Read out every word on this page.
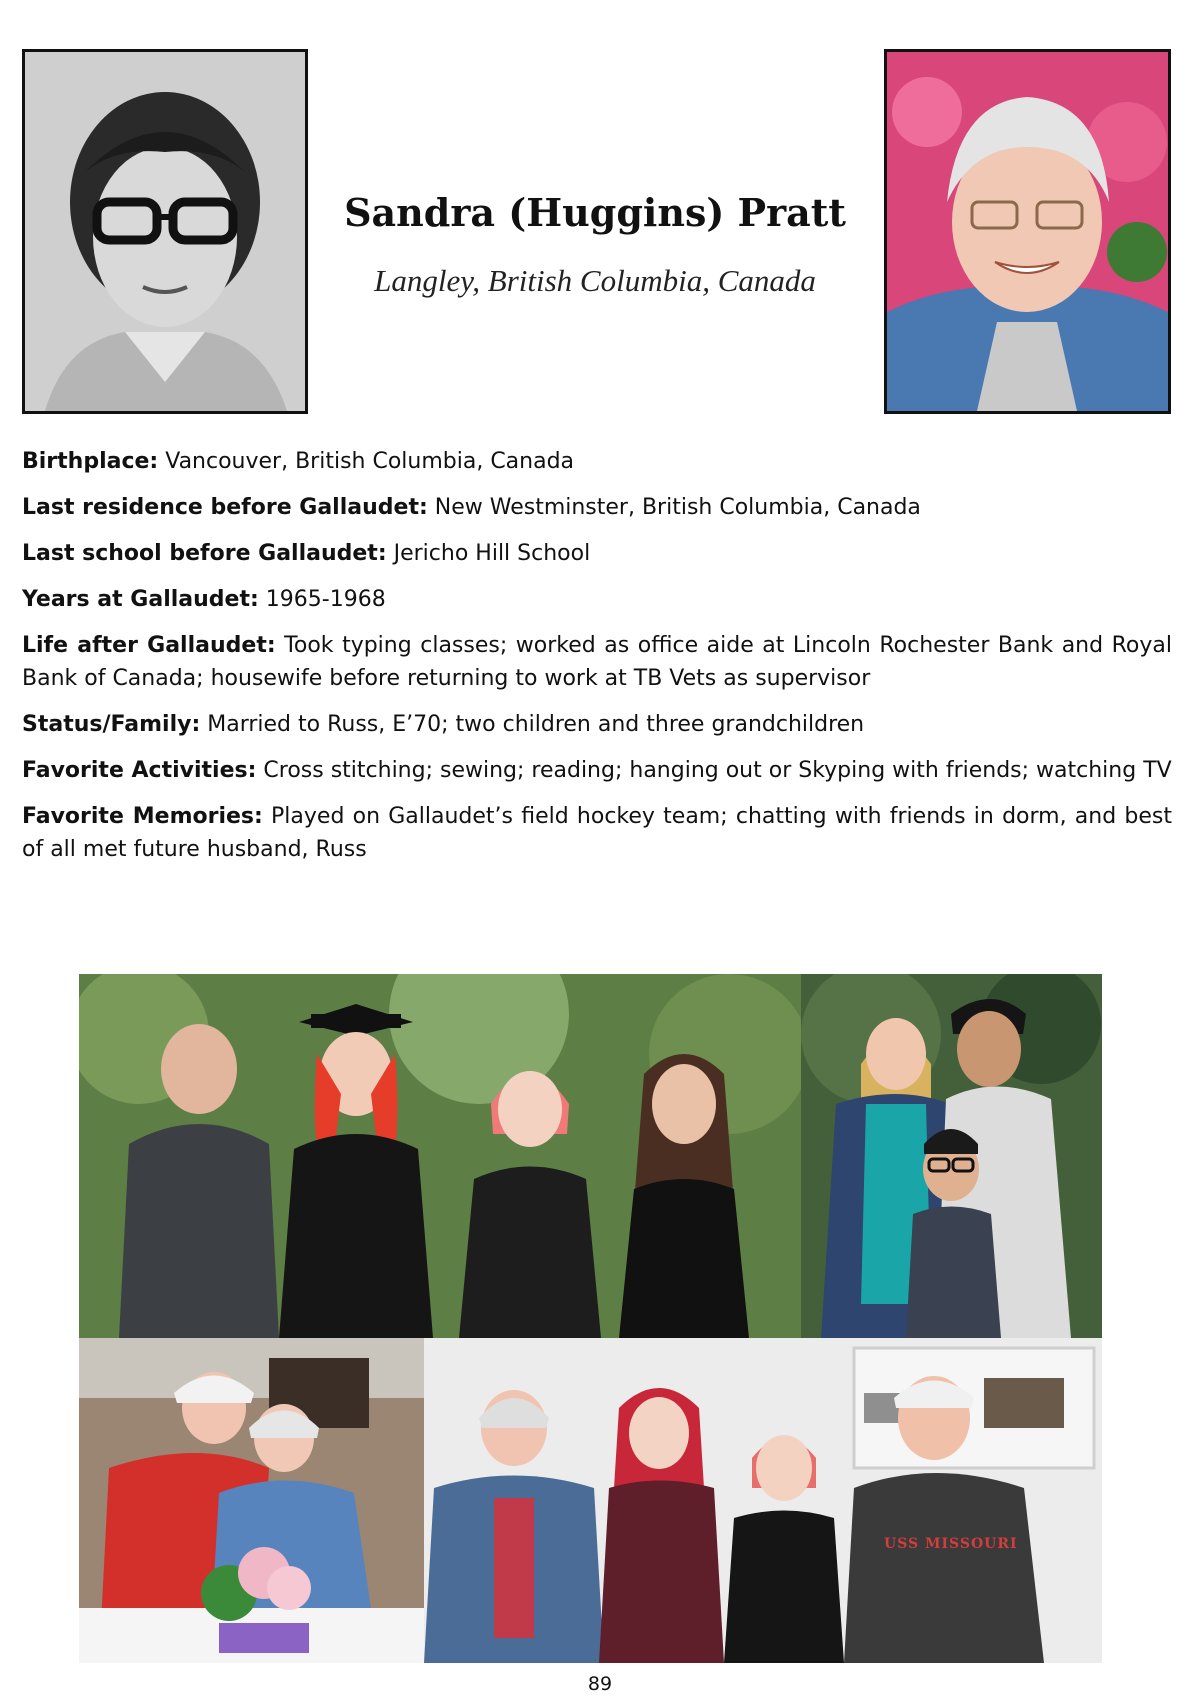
Sandra (Huggins) Pratt
Langley, British Columbia, Canada

Birthplace: Vancouver, British Columbia, Canada

Last residence before Gallaudet: New Westminster, British Columbia, Canada

Last school before Gallaudet: Jericho Hill School

Years at Gallaudet: 1965-1968

Life after Gallaudet: Took typing classes; worked as office aide at Lincoln Rochester Bank and Royal Bank of Canada; housewife before returning to work at TB Vets as supervisor

Status/Family: Married to Russ, E’70; two children and three grandchildren

Favorite Activities: Cross stitching; sewing; reading; hanging out or Skyping with friends; watching TV

Favorite Memories: Played on Gallaudet’s field hockey team; chatting with friends in dorm, and best of all met future husband, Russ

USS MISSOURI
89
